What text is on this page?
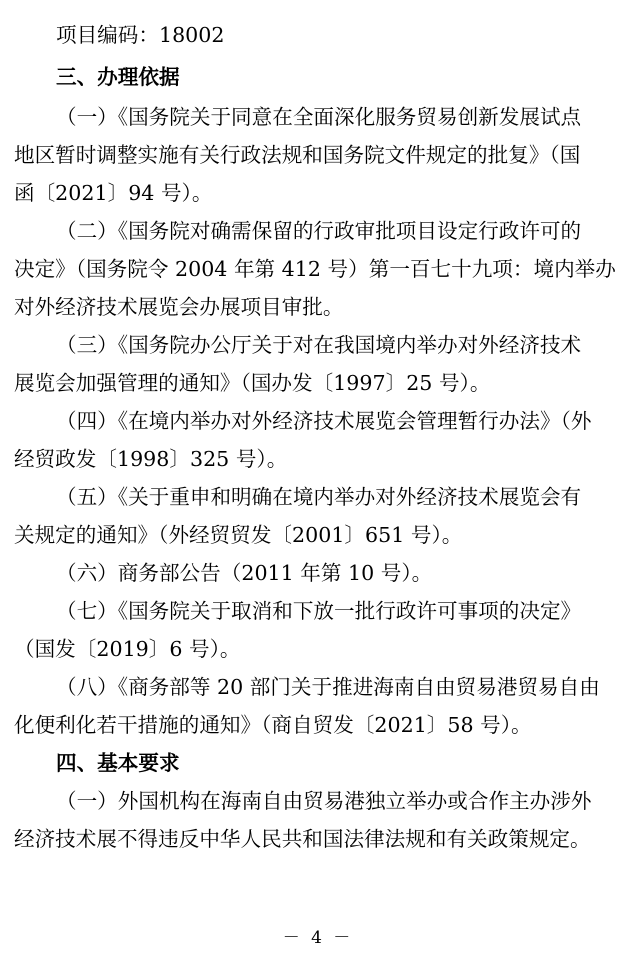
项目编码：18002
三、办理依据
（一）《国务院关于同意在全面深化服务贸易创新发展试点
地区暂时调整实施有关行政法规和国务院文件规定的批复》（国
函〔2021〕94 号）。
（二）《国务院对确需保留的行政审批项目设定行政许可的
决定》（国务院令 2004 年第 412 号）第一百七十九项：境内举办
对外经济技术展览会办展项目审批。
（三）《国务院办公厅关于对在我国境内举办对外经济技术
展览会加强管理的通知》（国办发〔1997〕25 号）。
（四）《在境内举办对外经济技术展览会管理暂行办法》（外
经贸政发〔1998〕325 号）。
（五）《关于重申和明确在境内举办对外经济技术展览会有
关规定的通知》（外经贸贸发〔2001〕651 号）。
（六）商务部公告（2011 年第 10 号）。
（七）《国务院关于取消和下放一批行政许可事项的决定》
（国发〔2019〕6 号）。
（八）《商务部等 20 部门关于推进海南自由贸易港贸易自由
化便利化若干措施的通知》（商自贸发〔2021〕58 号）。
四、基本要求
（一）外国机构在海南自由贸易港独立举办或合作主办涉外
经济技术展不得违反中华人民共和国法律法规和有关政策规定。
－ 4 －
